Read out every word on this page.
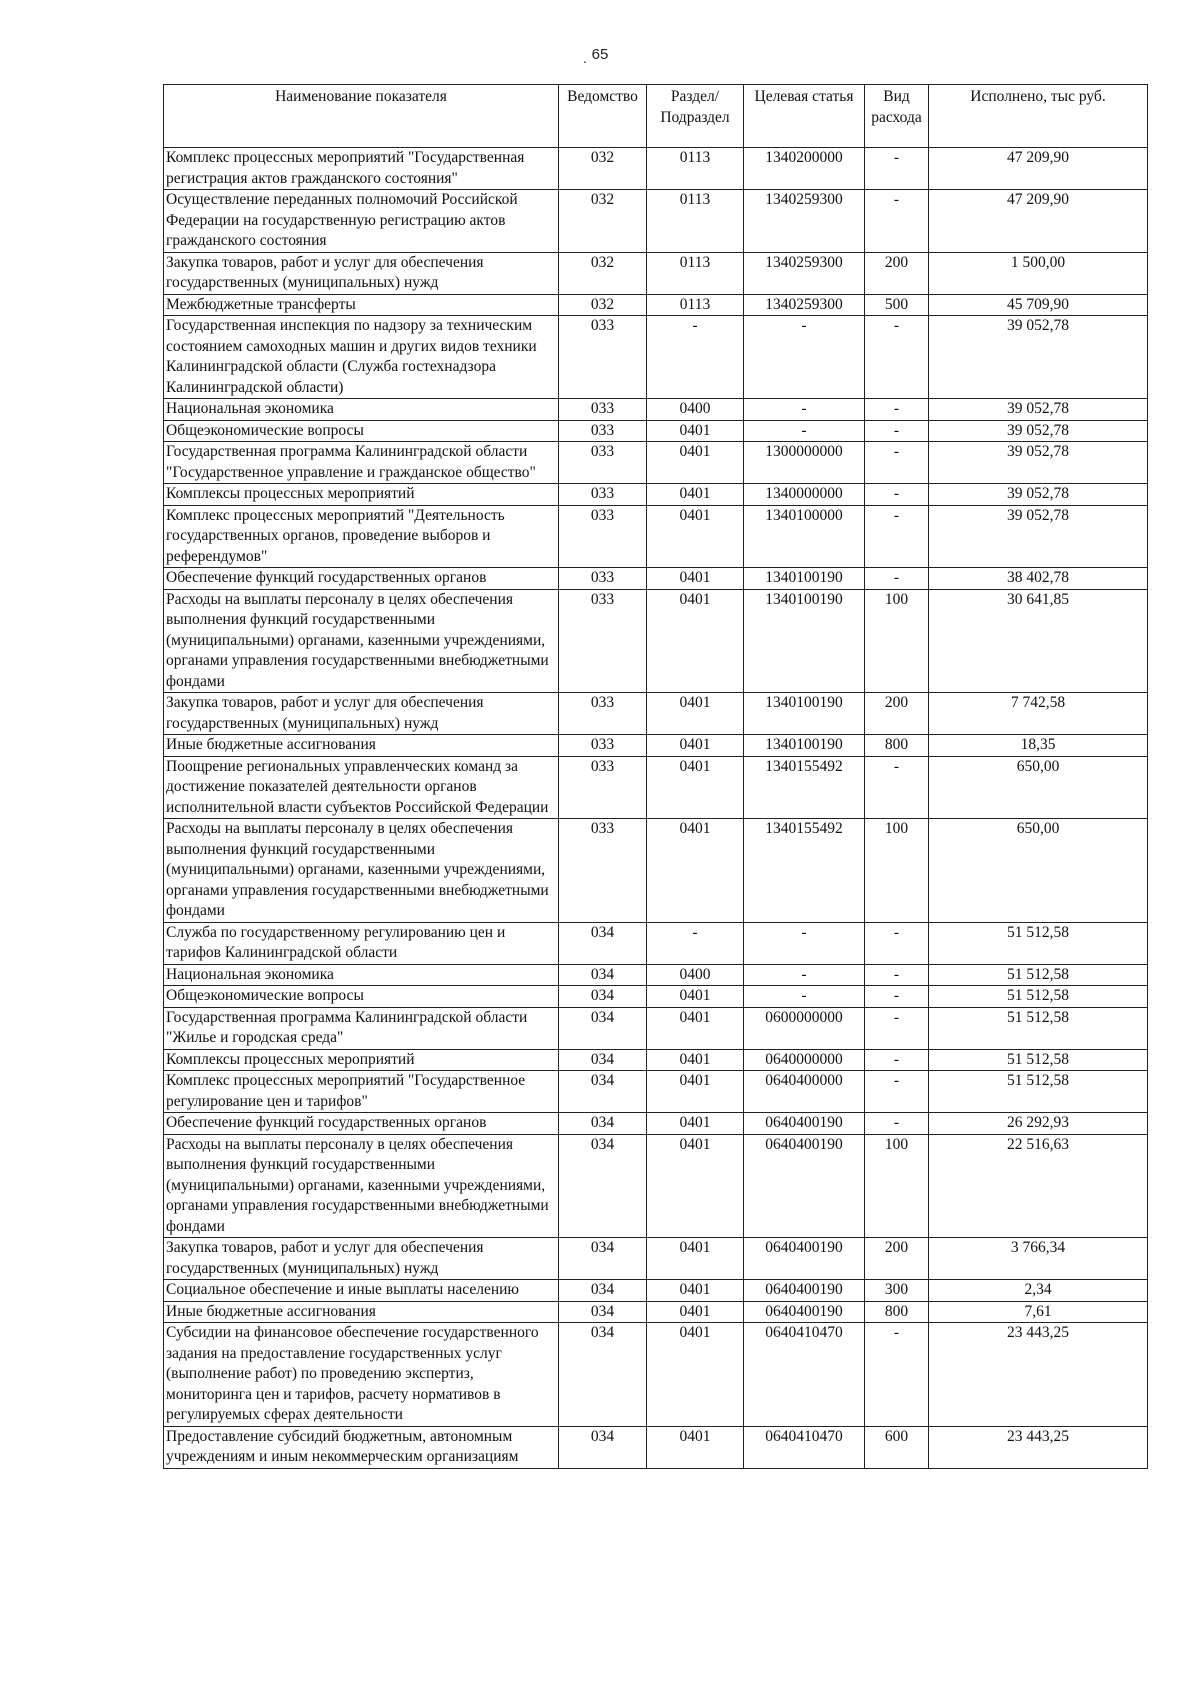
. 65
Наименование показателя	Ведомство	Раздел/ Подраздел	Целевая статья	Вид расхода	Исполнено, тыс руб.
Комплекс процессных мероприятий "Государственная регистрация актов гражданского состояния"	032	0113	1340200000	-	47 209,90
Осуществление переданных полномочий Российской Федерации на государственную регистрацию актов гражданского состояния	032	0113	1340259300	-	47 209,90
Закупка товаров, работ и услуг для обеспечения государственных (муниципальных) нужд	032	0113	1340259300	200	1 500,00
Межбюджетные трансферты	032	0113	1340259300	500	45 709,90
Государственная инспекция по надзору за техническим состоянием самоходных машин и других видов техники Калининградской области (Служба гостехнадзора Калининградской области)	033	-	-	-	39 052,78
Национальная экономика	033	0400	-	-	39 052,78
Общеэкономические вопросы	033	0401	-	-	39 052,78
Государственная программа Калининградской области "Государственное управление и гражданское общество"	033	0401	1300000000	-	39 052,78
Комплексы процессных мероприятий	033	0401	1340000000	-	39 052,78
Комплекс процессных мероприятий "Деятельность государственных органов, проведение выборов и референдумов"	033	0401	1340100000	-	39 052,78
Обеспечение функций государственных органов	033	0401	1340100190	-	38 402,78
Расходы на выплаты персоналу в целях обеспечения выполнения функций государственными (муниципальными) органами, казенными учреждениями, органами управления государственными внебюджетными фондами	033	0401	1340100190	100	30 641,85
Закупка товаров, работ и услуг для обеспечения государственных (муниципальных) нужд	033	0401	1340100190	200	7 742,58
Иные бюджетные ассигнования	033	0401	1340100190	800	18,35
Поощрение региональных управленческих команд за достижение показателей деятельности органов исполнительной власти субъектов Российской Федерации	033	0401	1340155492	-	650,00
Расходы на выплаты персоналу в целях обеспечения выполнения функций государственными (муниципальными) органами, казенными учреждениями, органами управления государственными внебюджетными фондами	033	0401	1340155492	100	650,00
Служба по государственному регулированию цен и тарифов Калининградской области	034	-	-	-	51 512,58
Национальная экономика	034	0400	-	-	51 512,58
Общеэкономические вопросы	034	0401	-	-	51 512,58
Государственная программа Калининградской области "Жилье и городская среда"	034	0401	0600000000	-	51 512,58
Комплексы процессных мероприятий	034	0401	0640000000	-	51 512,58
Комплекс процессных мероприятий "Государственное регулирование цен и тарифов"	034	0401	0640400000	-	51 512,58
Обеспечение функций государственных органов	034	0401	0640400190	-	26 292,93
Расходы на выплаты персоналу в целях обеспечения выполнения функций государственными (муниципальными) органами, казенными учреждениями, органами управления государственными внебюджетными фондами	034	0401	0640400190	100	22 516,63
Закупка товаров, работ и услуг для обеспечения государственных (муниципальных) нужд	034	0401	0640400190	200	3 766,34
Социальное обеспечение и иные выплаты населению	034	0401	0640400190	300	2,34
Иные бюджетные ассигнования	034	0401	0640400190	800	7,61
Субсидии на финансовое обеспечение государственного задания на предоставление государственных услуг (выполнение работ) по проведению экспертиз, мониторинга цен и тарифов, расчету нормативов в регулируемых сферах деятельности	034	0401	0640410470	-	23 443,25
Предоставление субсидий бюджетным, автономным учреждениям и иным некоммерческим организациям	034	0401	0640410470	600	23 443,25
